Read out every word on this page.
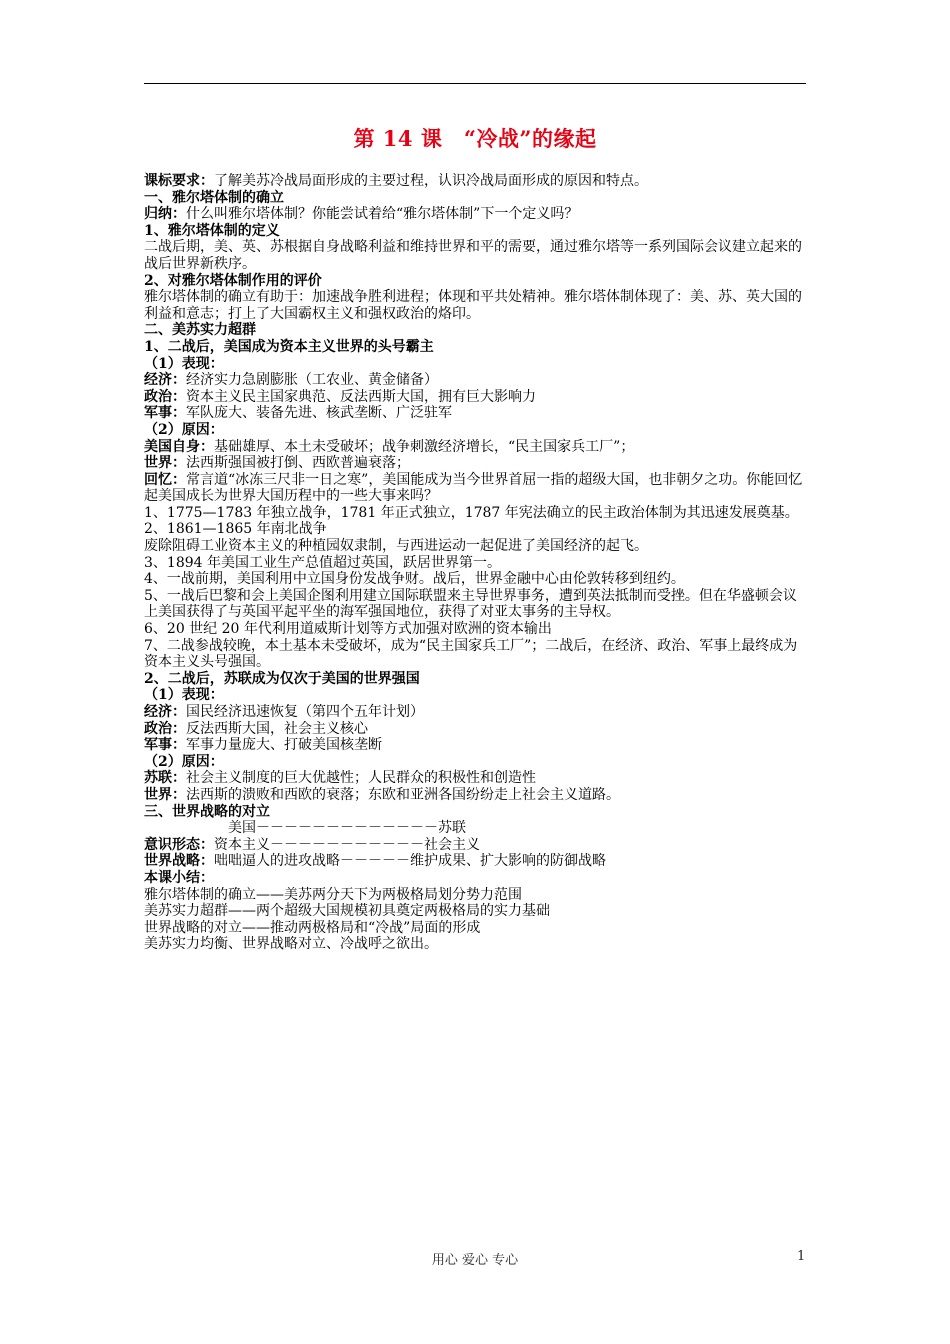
第 14 课　“冷战”的缘起

课标要求：了解美苏冷战局面形成的主要过程，认识冷战局面形成的原因和特点。

一、雅尔塔体制的确立

归纳：什么叫雅尔塔体制？你能尝试着给“雅尔塔体制”下一个定义吗？

1、雅尔塔体制的定义

二战后期，美、英、苏根据自身战略利益和维持世界和平的需要，通过雅尔塔等一系列国际会议建立起来的战后世界新秩序。

2、对雅尔塔体制作用的评价

雅尔塔体制的确立有助于：加速战争胜利进程；体现和平共处精神。雅尔塔体制体现了：美、苏、英大国的利益和意志；打上了大国霸权主义和强权政治的烙印。

二、美苏实力超群

1、二战后，美国成为资本主义世界的头号霸主

（1）表现：

经济：经济实力急剧膨胀（工农业、黄金储备）

政治：资本主义民主国家典范、反法西斯大国，拥有巨大影响力

军事：军队庞大、装备先进、核武垄断、广泛驻军

（2）原因：

美国自身：基础雄厚、本土未受破坏；战争刺激经济增长，“民主国家兵工厂”；

世界：法西斯强国被打倒、西欧普遍衰落；

回忆：常言道“冰冻三尺非一日之寒”，美国能成为当今世界首屈一指的超级大国，也非朝夕之功。你能回忆起美国成长为世界大国历程中的一些大事来吗？

1、1775—1783 年独立战争，1781 年正式独立，1787 年宪法确立的民主政治体制为其迅速发展奠基。

2、1861—1865 年南北战争

废除阻碍工业资本主义的种植园奴隶制，与西进运动一起促进了美国经济的起飞。

3、1894 年美国工业生产总值超过英国，跃居世界第一。

4、一战前期，美国利用中立国身份发战争财。战后，世界金融中心由伦敦转移到纽约。

5、一战后巴黎和会上美国企图利用建立国际联盟来主导世界事务，遭到英法抵制而受挫。但在华盛顿会议上美国获得了与英国平起平坐的海军强国地位，获得了对亚太事务的主导权。

6、20 世纪 20 年代利用道威斯计划等方式加强对欧洲的资本输出

7、二战参战较晚，本土基本未受破坏，成为“民主国家兵工厂”；二战后，在经济、政治、军事上最终成为资本主义头号强国。

2、二战后，苏联成为仅次于美国的世界强国

（1）表现：

经济：国民经济迅速恢复（第四个五年计划）

政治：反法西斯大国，社会主义核心

军事：军事力量庞大、打破美国核垄断

（2）原因：

苏联：社会主义制度的巨大优越性；人民群众的积极性和创造性

世界：法西斯的溃败和西欧的衰落；东欧和亚洲各国纷纷走上社会主义道路。

三、世界战略的对立

美国－－－－－－－－－－－－－苏联

意识形态：资本主义－－－－－－－－－－－社会主义

世界战略：咄咄逼人的进攻战略－－－－－维护成果、扩大影响的防御战略

本课小结：

雅尔塔体制的确立——美苏两分天下为两极格局划分势力范围

美苏实力超群——两个超级大国规模初具奠定两极格局的实力基础

世界战略的对立——推动两极格局和“冷战”局面的形成

美苏实力均衡、世界战略对立、冷战呼之欲出。

用心 爱心 专心	1
